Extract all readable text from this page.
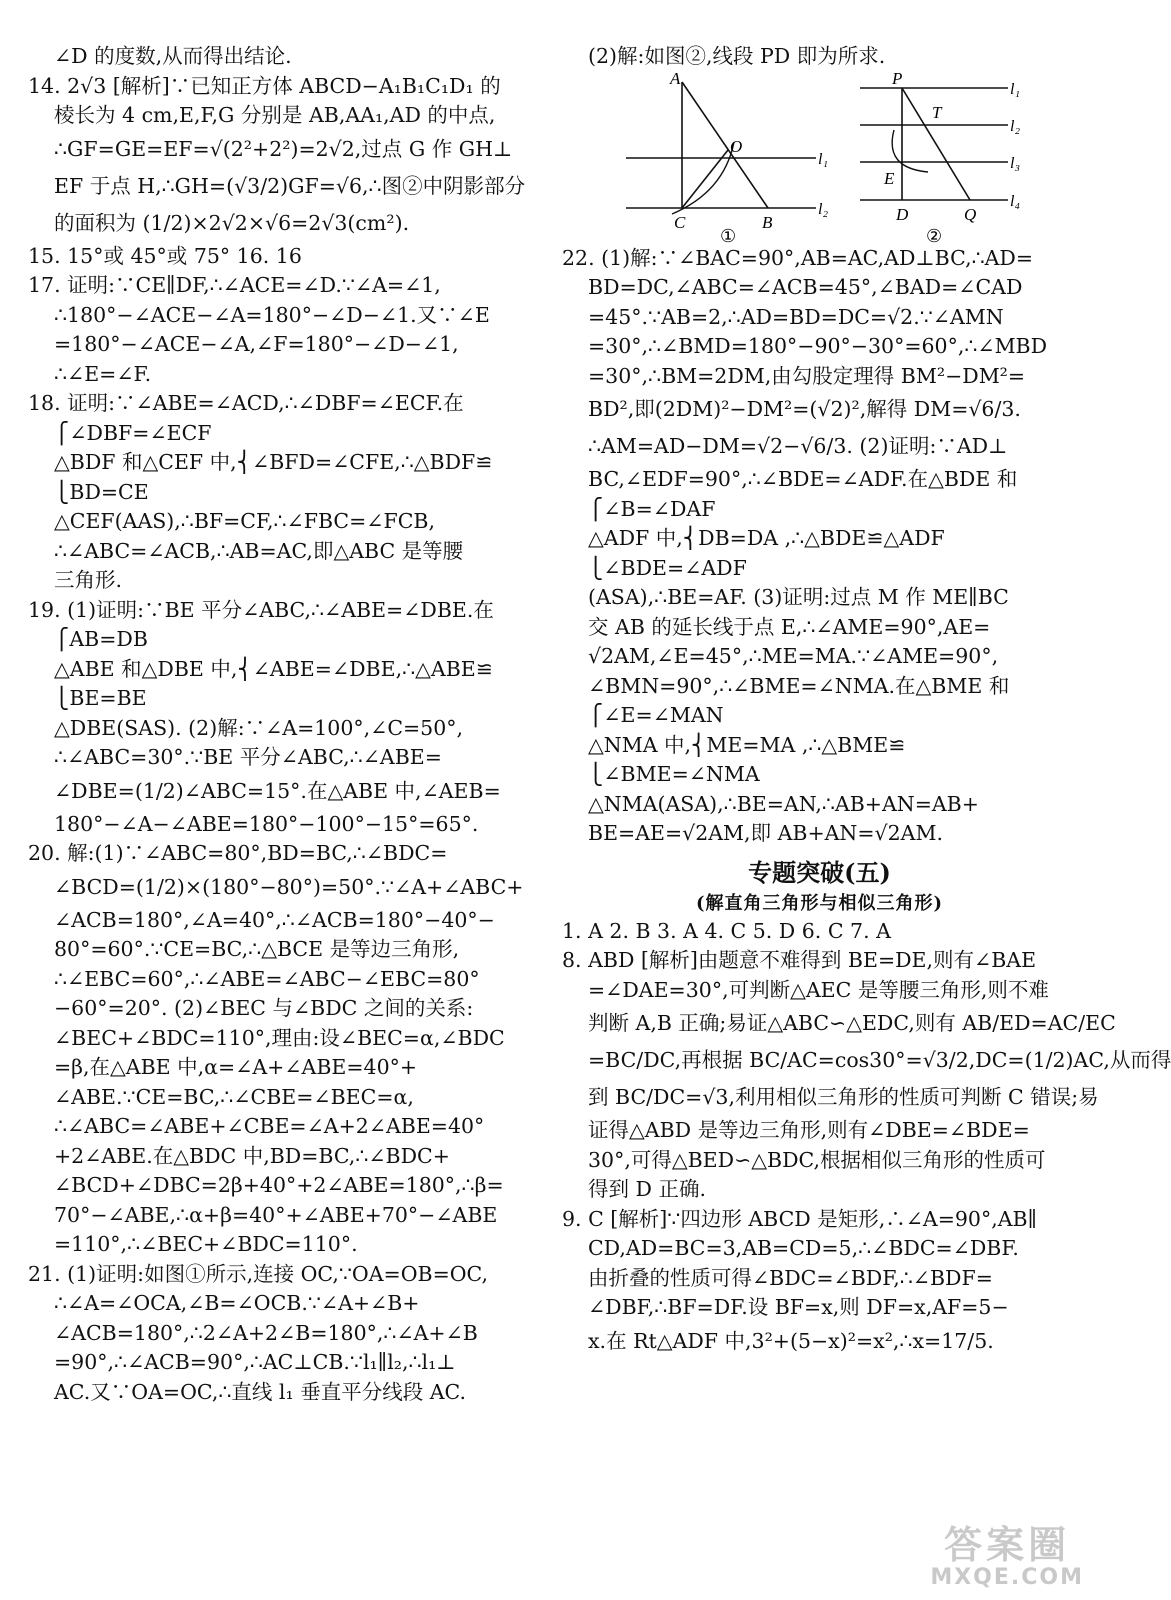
∠D 的度数,从而得出结论.
14. 2√3 [解析]∵已知正方体 ABCD−A₁B₁C₁D₁ 的
棱长为 4 cm,E,F,G 分别是 AB,AA₁,AD 的中点,
∴GF=GE=EF=√(2²+2²)=2√2,过点 G 作 GH⊥
EF 于点 H,∴GH=(√3/2)GF=√6,∴图②中阴影部分
的面积为 (1/2)×2√2×√6=2√3(cm²).
15. 15°或 45°或 75° 16. 16
17. 证明:∵CE∥DF,∴∠ACE=∠D.∵∠A=∠1,
∴180°−∠ACE−∠A=180°−∠D−∠1.又∵∠E
=180°−∠ACE−∠A,∠F=180°−∠D−∠1,
∴∠E=∠F.
18. 证明:∵∠ABE=∠ACD,∴∠DBF=∠ECF.在
⎧∠DBF=∠ECF
△BDF 和△CEF 中,⎨∠BFD=∠CFE,∴△BDF≌
⎩BD=CE
△CEF(AAS),∴BF=CF,∴∠FBC=∠FCB,
∴∠ABC=∠ACB,∴AB=AC,即△ABC 是等腰
三角形.
19. (1)证明:∵BE 平分∠ABC,∴∠ABE=∠DBE.在
⎧AB=DB
△ABE 和△DBE 中,⎨∠ABE=∠DBE,∴△ABE≌
⎩BE=BE
△DBE(SAS). (2)解:∵∠A=100°,∠C=50°,
∴∠ABC=30°.∵BE 平分∠ABC,∴∠ABE=
∠DBE=(1/2)∠ABC=15°.在△ABE 中,∠AEB=
180°−∠A−∠ABE=180°−100°−15°=65°.
20. 解:(1)∵∠ABC=80°,BD=BC,∴∠BDC=
∠BCD=(1/2)×(180°−80°)=50°.∵∠A+∠ABC+
∠ACB=180°,∠A=40°,∴∠ACB=180°−40°−
80°=60°.∵CE=BC,∴△BCE 是等边三角形,
∴∠EBC=60°,∴∠ABE=∠ABC−∠EBC=80°
−60°=20°. (2)∠BEC 与∠BDC 之间的关系:
∠BEC+∠BDC=110°,理由:设∠BEC=α,∠BDC
=β,在△ABE 中,α=∠A+∠ABE=40°+
∠ABE.∵CE=BC,∴∠CBE=∠BEC=α,
∴∠ABC=∠ABE+∠CBE=∠A+2∠ABE=40°
+2∠ABE.在△BDC 中,BD=BC,∴∠BDC+
∠BCD+∠DBC=2β+40°+2∠ABE=180°,∴β=
70°−∠ABE,∴α+β=40°+∠ABE+70°−∠ABE
=110°,∴∠BEC+∠BDC=110°.
21. (1)证明:如图①所示,连接 OC,∵OA=OB=OC,
∴∠A=∠OCA,∠B=∠OCB.∵∠A+∠B+
∠ACB=180°,∴2∠A+2∠B=180°,∴∠A+∠B
=90°,∴∠ACB=90°,∴AC⊥CB.∵l₁∥l₂,∴l₁⊥
AC.又∵OA=OC,∴直线 l₁ 垂直平分线段 AC.
(2)解:如图②,线段 PD 即为所求.
A
O
l₁
C	B
l₂
①
P
l₁
T
l₂
l₃
E
D	Q
l₄
②
22. (1)解:∵∠BAC=90°,AB=AC,AD⊥BC,∴AD=
BD=DC,∠ABC=∠ACB=45°,∠BAD=∠CAD
=45°.∵AB=2,∴AD=BD=DC=√2.∵∠AMN
=30°,∴∠BMD=180°−90°−30°=60°,∴∠MBD
=30°,∴BM=2DM,由勾股定理得 BM²−DM²=
BD²,即(2DM)²−DM²=(√2)²,解得 DM=√6/3.
∴AM=AD−DM=√2−√6/3. (2)证明:∵AD⊥
BC,∠EDF=90°,∴∠BDE=∠ADF.在△BDE 和
⎧∠B=∠DAF
△ADF 中,⎨DB=DA ,∴△BDE≌△ADF
⎩∠BDE=∠ADF
(ASA),∴BE=AF. (3)证明:过点 M 作 ME∥BC
交 AB 的延长线于点 E,∴∠AME=90°,AE=
√2AM,∠E=45°,∴ME=MA.∵∠AME=90°,
∠BMN=90°,∴∠BME=∠NMA.在△BME 和
⎧∠E=∠MAN
△NMA 中,⎨ME=MA ,∴△BME≌
⎩∠BME=∠NMA
△NMA(ASA),∴BE=AN,∴AB+AN=AB+
BE=AE=√2AM,即 AB+AN=√2AM.
专题突破(五)
(解直角三角形与相似三角形)
1. A 2. B 3. A 4. C 5. D 6. C 7. A
8. ABD [解析]由题意不难得到 BE=DE,则有∠BAE
=∠DAE=30°,可判断△AEC 是等腰三角形,则不难
判断 A,B 正确;易证△ABC∽△EDC,则有 AB/ED=AC/EC
=BC/DC,再根据 BC/AC=cos30°=√3/2,DC=(1/2)AC,从而得
到 BC/DC=√3,利用相似三角形的性质可判断 C 错误;易
证得△ABD 是等边三角形,则有∠DBE=∠BDE=
30°,可得△BED∽△BDC,根据相似三角形的性质可
得到 D 正确.
9. C [解析]∵四边形 ABCD 是矩形,∴∠A=90°,AB∥
CD,AD=BC=3,AB=CD=5,∴∠BDC=∠DBF.
由折叠的性质可得∠BDC=∠BDF,∴∠BDF=
∠DBF,∴BF=DF.设 BF=x,则 DF=x,AF=5−
x.在 Rt△ADF 中,3²+(5−x)²=x²,∴x=17/5.
答案圈
MXQE.COM
